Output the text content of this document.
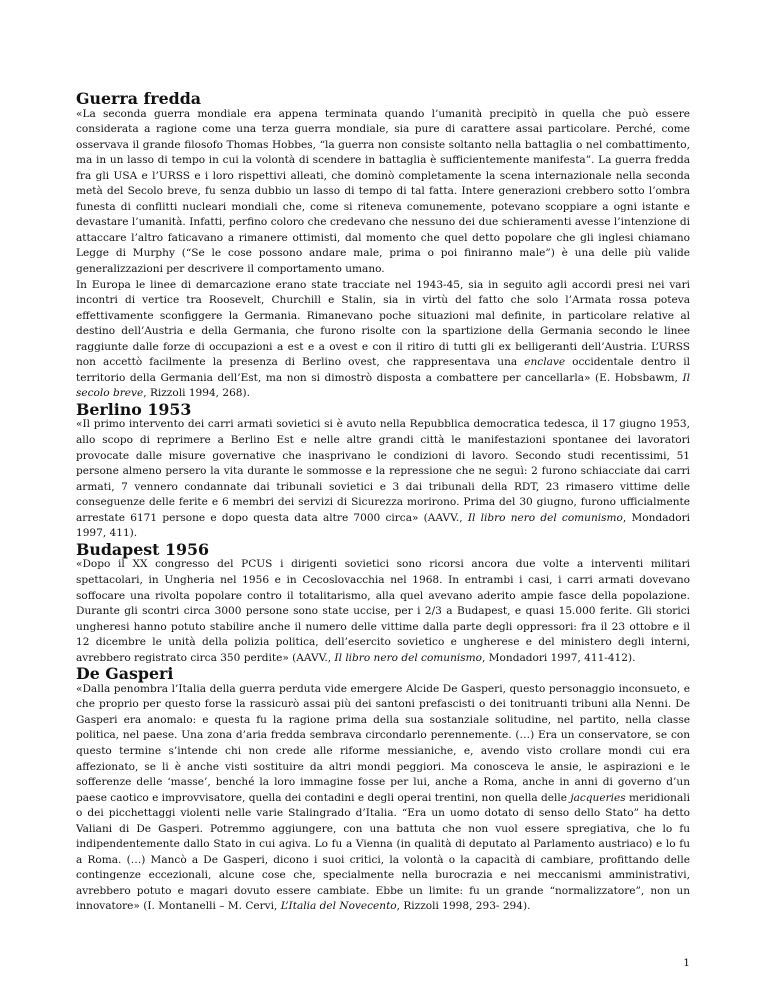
Guerra fredda

«La seconda guerra mondiale era appena terminata quando l’umanità precipitò in quella che può essere considerata a ragione come una terza guerra mondiale, sia pure di carattere assai particolare. Perché, come osservava il grande filosofo Thomas Hobbes, “la guerra non consiste soltanto nella battaglia o nel combattimento, ma in un lasso di tempo in cui la volontà di scendere in battaglia è sufficientemente manifesta”. La guerra fredda fra gli USA e l’URSS e i loro rispettivi alleati, che dominò completamente la scena internazionale nella seconda metà del Secolo breve, fu senza dubbio un lasso di tempo di tal fatta. Intere generazioni crebbero sotto l’ombra funesta di conflitti nucleari mondiali che, come si riteneva comunemente, potevano scoppiare a ogni istante e devastare l’umanità. Infatti, perfino coloro che credevano che nessuno dei due schieramenti avesse l’intenzione di attaccare l’altro faticavano a rimanere ottimisti, dal momento che quel detto popolare che gli inglesi chiamano Legge di Murphy (“Se le cose possono andare male, prima o poi finiranno male”) è una delle più valide generalizzazioni per descrivere il comportamento umano.

In Europa le linee di demarcazione erano state tracciate nel 1943-45, sia in seguito agli accordi presi nei vari incontri di vertice tra Roosevelt, Churchill e Stalin, sia in virtù del fatto che solo l’Armata rossa poteva effettivamente sconfiggere la Germania. Rimanevano poche situazioni mal definite, in particolare relative al destino dell’Austria e della Germania, che furono risolte con la spartizione della Germania secondo le linee raggiunte dalle forze di occupazioni a est e a ovest e con il ritiro di tutti gli ex belligeranti dell’Austria. L’URSS non accettò facilmente la presenza di Berlino ovest, che rappresentava una enclave occidentale dentro il territorio della Germania dell’Est, ma non si dimostrò disposta a combattere per cancellarla» (E. Hobsbawm, Il secolo breve, Rizzoli 1994, 268).

Berlino 1953

«Il primo intervento dei carri armati sovietici si è avuto nella Repubblica democratica tedesca, il 17 giugno 1953, allo scopo di reprimere a Berlino Est e nelle altre grandi città le manifestazioni spontanee dei lavoratori provocate dalle misure governative che inasprivano le condizioni di lavoro. Secondo studi recentissimi, 51 persone almeno persero la vita durante le sommosse e la repressione che ne seguì: 2 furono schiacciate dai carri armati, 7 vennero condannate dai tribunali sovietici e 3 dai tribunali della RDT, 23 rimasero vittime delle conseguenze delle ferite e 6 membri dei servizi di Sicurezza morirono. Prima del 30 giugno, furono ufficialmente arrestate 6171 persone e dopo questa data altre 7000 circa» (AAVV., Il libro nero del comunismo, Mondadori 1997, 411).

Budapest 1956

«Dopo il XX congresso del PCUS i dirigenti sovietici sono ricorsi ancora due volte a interventi militari spettacolari, in Ungheria nel 1956 e in Cecoslovacchia nel 1968. In entrambi i casi, i carri armati dovevano soffocare una rivolta popolare contro il totalitarismo, alla quel avevano aderito ampie fasce della popolazione. Durante gli scontri circa 3000 persone sono state uccise, per i 2/3 a Budapest, e quasi 15.000 ferite. Gli storici ungheresi hanno potuto stabilire anche il numero delle vittime dalla parte degli oppressori: fra il 23 ottobre e il 12 dicembre le unità della polizia politica, dell’esercito sovietico e ungherese e del ministero degli interni, avrebbero registrato circa 350 perdite» (AAVV., Il libro nero del comunismo, Mondadori 1997, 411-412).

De Gasperi

«Dalla penombra l’Italia della guerra perduta vide emergere Alcide De Gasperi, questo personaggio inconsueto, e che proprio per questo forse la rassicurò assai più dei santoni prefascisti o dei tonitruanti tribuni alla Nenni. De Gasperi era anomalo: e questa fu la ragione prima della sua sostanziale solitudine, nel partito, nella classe politica, nel paese. Una zona d’aria fredda sembrava circondarlo perennemente. (…) Era un conservatore, se con questo termine s’intende chi non crede alle riforme messianiche, e, avendo visto crollare mondi cui era affezionato, se li è anche visti sostituire da altri mondi peggiori. Ma conosceva le ansie, le aspirazioni e le sofferenze delle ‘masse’, benché la loro immagine fosse per lui, anche a Roma, anche in anni di governo d’un paese caotico e improvvisatore, quella dei contadini e degli operai trentini, non quella delle jacqueries meridionali o dei picchettaggi violenti nelle varie Stalingrado d’Italia. “Era un uomo dotato di senso dello Stato” ha detto Valiani di De Gasperi. Potremmo aggiungere, con una battuta che non vuol essere spregiativa, che lo fu indipendentemente dallo Stato in cui agiva. Lo fu a Vienna (in qualità di deputato al Parlamento austriaco) e lo fu a Roma. (…) Mancò a De Gasperi, dicono i suoi critici, la volontà o la capacità di cambiare, profittando delle contingenze eccezionali, alcune cose che, specialmente nella burocrazia e nei meccanismi amministrativi, avrebbero potuto e magari dovuto essere cambiate. Ebbe un limite: fu un grande “normalizzatore”, non un innovatore» (I. Montanelli – M. Cervi, L’Italia del Novecento, Rizzoli 1998, 293- 294).

1
